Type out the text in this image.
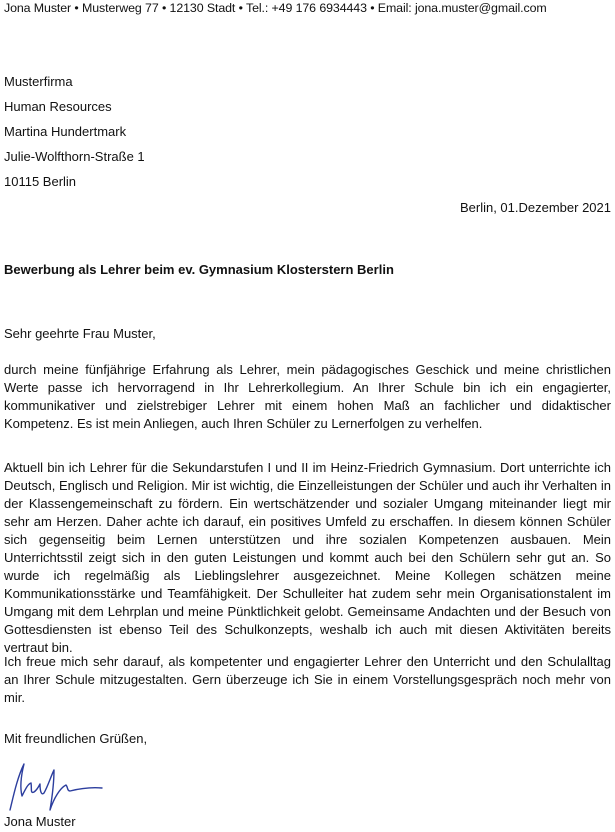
Jona Muster • Musterweg 77 • 12130 Stadt • Tel.: +49 176 6934443 • Email: jona.muster@gmail.com
Musterfirma
Human Resources
Martina Hundertmark
Julie-Wolfthorn-Straße 1
10115 Berlin
Berlin, 01.Dezember 2021
Bewerbung als Lehrer beim ev. Gymnasium Klosterstern Berlin
Sehr geehrte Frau Muster,

durch meine fünfjährige Erfahrung als Lehrer, mein pädagogisches Geschick und meine christlichen Werte passe ich hervorragend in Ihr Lehrerkollegium. An Ihrer Schule bin ich ein engagierter, kommunikativer und zielstrebiger Lehrer mit einem hohen Maß an fachlicher und didaktischer Kompetenz. Es ist mein Anliegen, auch Ihren Schüler zu Lernerfolgen zu verhelfen.

Aktuell bin ich Lehrer für die Sekundarstufen I und II im Heinz-Friedrich Gymnasium. Dort unterrichte ich Deutsch, Englisch und Religion. Mir ist wichtig, die Einzelleistungen der Schüler und auch ihr Verhalten in der Klassengemeinschaft zu fördern. Ein wertschätzender und sozialer Umgang miteinander liegt mir sehr am Herzen. Daher achte ich darauf, ein positives Umfeld zu erschaffen. In diesem können Schüler sich gegenseitig beim Lernen unterstützen und ihre sozialen Kompetenzen ausbauen. Mein Unterrichtsstil zeigt sich in den guten Leistungen und kommt auch bei den Schülern sehr gut an. So wurde ich regelmäßig als Lieblingslehrer ausgezeichnet. Meine Kollegen schätzen meine Kommunikationsstärke und Teamfähigkeit. Der Schulleiter hat zudem sehr mein Organisationstalent im Umgang mit dem Lehrplan und meine Pünktlichkeit gelobt. Gemeinsame Andachten und der Besuch von Gottesdiensten ist ebenso Teil des Schulkonzepts, weshalb ich auch mit diesen Aktivitäten bereits vertraut bin.

Ich freue mich sehr darauf, als kompetenter und engagierter Lehrer den Unterricht und den Schulalltag an Ihrer Schule mitzugestalten. Gern überzeuge ich Sie in einem Vorstellungsgespräch noch mehr von mir.

Mit freundlichen Grüßen,
Jona Muster
